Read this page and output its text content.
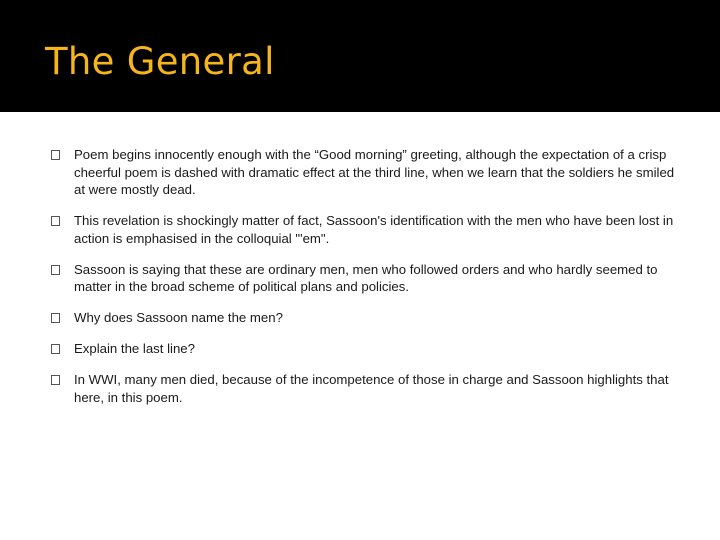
The General
Poem begins innocently enough with the “Good morning” greeting, although the expectation of a crisp cheerful poem is dashed with dramatic effect at the third line, when we learn that the soldiers he smiled at were mostly dead.
This revelation is shockingly matter of fact, Sassoon's identification with the men who have been lost in action is emphasised in the colloquial "'em".
Sassoon is saying that these are ordinary men, men who followed orders and who hardly seemed to matter in the broad scheme of political plans and policies.
Why does Sassoon name the men?
Explain the last line?
In WWI, many men died, because of the incompetence of those in charge and Sassoon highlights that here, in this poem.
